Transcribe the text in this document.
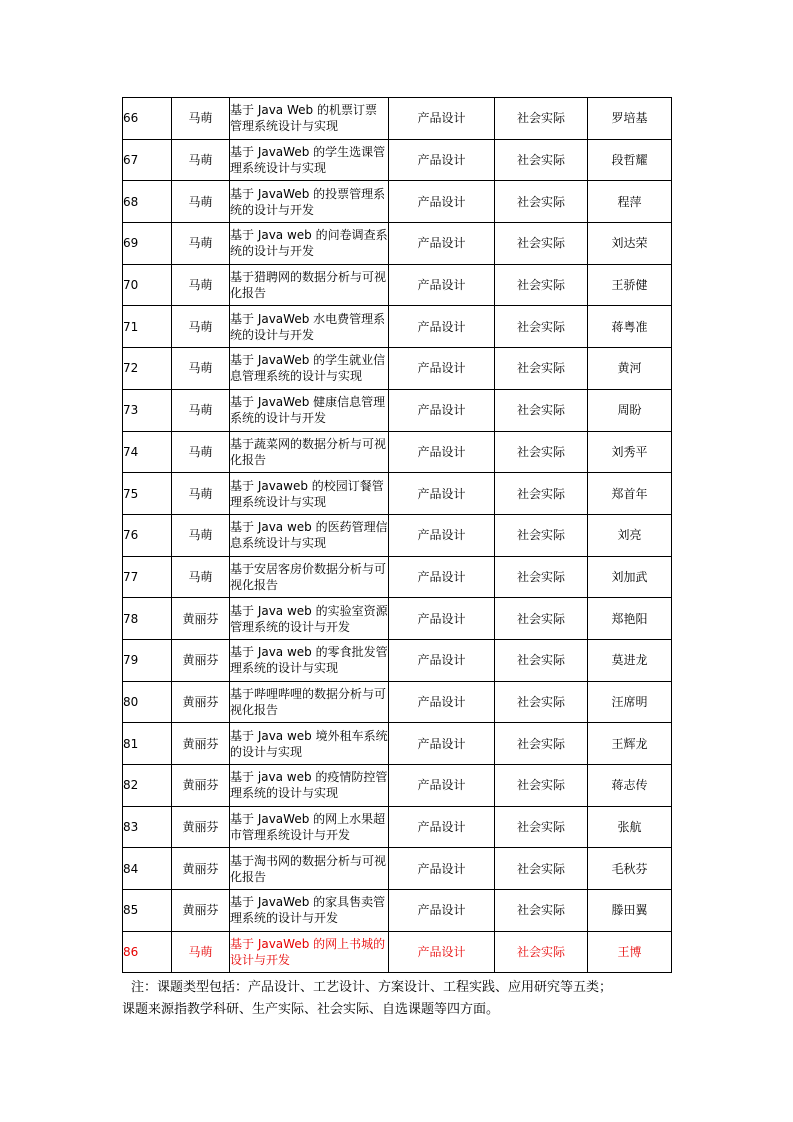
66	马萌	基于 Java Web 的机票订票管理系统设计与实现	产品设计	社会实际	罗培基
67	马萌	基于 JavaWeb 的学生选课管理系统设计与实现	产品设计	社会实际	段哲耀
68	马萌	基于 JavaWeb 的投票管理系统的设计与开发	产品设计	社会实际	程萍
69	马萌	基于 Java web 的问卷调查系统的设计与开发	产品设计	社会实际	刘达荣
70	马萌	基于猎聘网的数据分析与可视化报告	产品设计	社会实际	王骄健
71	马萌	基于 JavaWeb 水电费管理系统的设计与开发	产品设计	社会实际	蒋粤准
72	马萌	基于 JavaWeb 的学生就业信息管理系统的设计与实现	产品设计	社会实际	黄河
73	马萌	基于 JavaWeb 健康信息管理系统的设计与开发	产品设计	社会实际	周盼
74	马萌	基于蔬菜网的数据分析与可视化报告	产品设计	社会实际	刘秀平
75	马萌	基于 Javaweb 的校园订餐管理系统设计与实现	产品设计	社会实际	郑首年
76	马萌	基于 Java web 的医药管理信息系统设计与实现	产品设计	社会实际	刘亮
77	马萌	基于安居客房价数据分析与可视化报告	产品设计	社会实际	刘加武
78	黄丽芬	基于 Java web 的实验室资源管理系统的设计与开发	产品设计	社会实际	郑艳阳
79	黄丽芬	基于 Java web 的零食批发管理系统的设计与实现	产品设计	社会实际	莫进龙
80	黄丽芬	基于哔哩哔哩的数据分析与可视化报告	产品设计	社会实际	汪席明
81	黄丽芬	基于 Java web 境外租车系统的设计与实现	产品设计	社会实际	王辉龙
82	黄丽芬	基于 java web 的疫情防控管理系统的设计与实现	产品设计	社会实际	蒋志传
83	黄丽芬	基于 JavaWeb 的网上水果超市管理系统设计与开发	产品设计	社会实际	张航
84	黄丽芬	基于淘书网的数据分析与可视化报告	产品设计	社会实际	毛秋芬
85	黄丽芬	基于 JavaWeb 的家具售卖管理系统的设计与开发	产品设计	社会实际	滕田翼
86	马萌	基于 JavaWeb 的网上书城的设计与开发	产品设计	社会实际	王博
注：课题类型包括：产品设计、工艺设计、方案设计、工程实践、应用研究等五类；
课题来源指教学科研、生产实际、社会实际、自选课题等四方面。
